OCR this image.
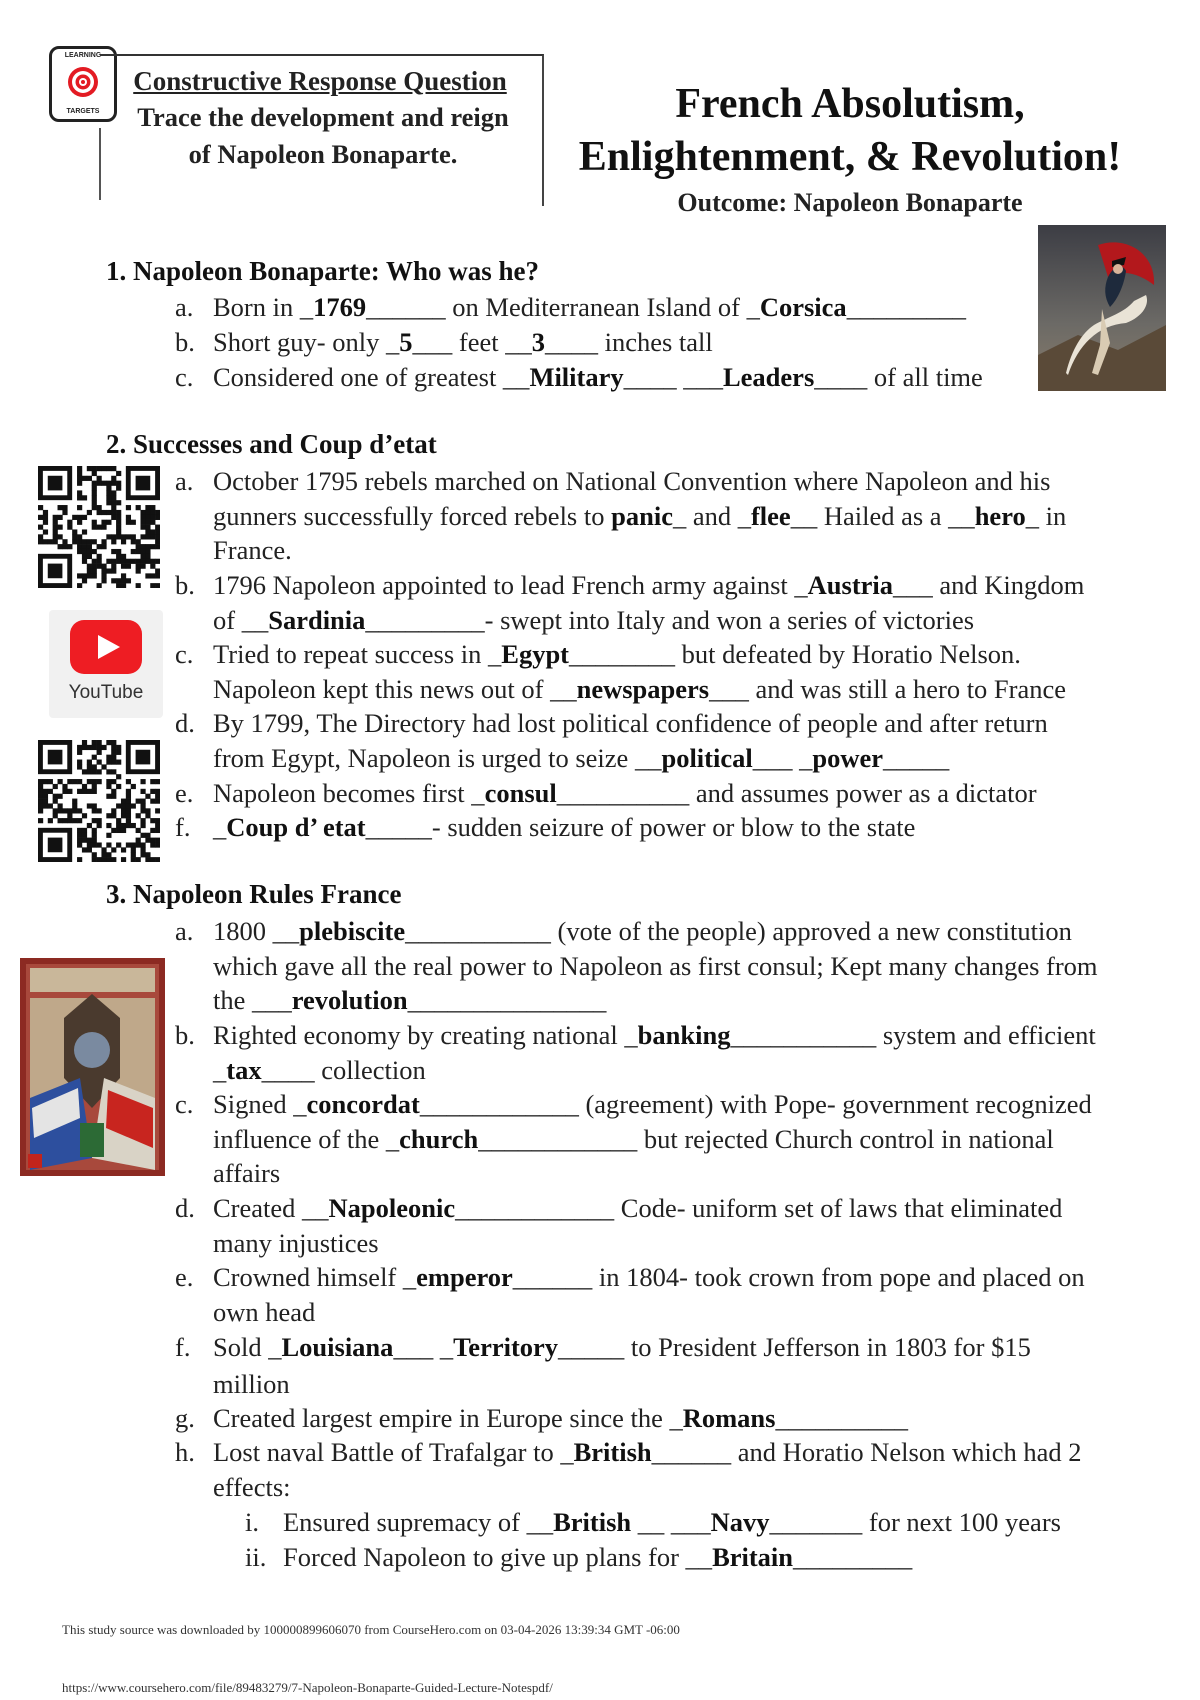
LEARNING
TARGETS
Constructive Response Question
Trace the development and reign
of Napoleon Bonaparte.
French Absolutism,
Enlightenment, & Revolution!
Outcome: Napoleon Bonaparte
YouTube
1. Napoleon Bonaparte: Who was he?
a. Born in _1769______ on Mediterranean Island of _Corsica_________
b. Short guy- only _5___ feet __3____ inches tall
c. Considered one of greatest __Military____ ___Leaders____ of all time
2. Successes and Coup d’etat
a. October 1795 rebels marched on National Convention where Napoleon and his
gunners successfully forced rebels to panic_ and _flee__ Hailed as a __hero_ in
France.
b. 1796 Napoleon appointed to lead French army against _Austria___ and Kingdom
of __Sardinia_________- swept into Italy and won a series of victories
c. Tried to repeat success in _Egypt________ but defeated by Horatio Nelson.
Napoleon kept this news out of __newspapers___ and was still a hero to France
d. By 1799, The Directory had lost political confidence of people and after return
from Egypt, Napoleon is urged to seize __political___ _power_____
e. Napoleon becomes first _consul__________ and assumes power as a dictator
f. _Coup d’ etat_____- sudden seizure of power or blow to the state
3. Napoleon Rules France
a. 1800 __plebiscite___________ (vote of the people) approved a new constitution
which gave all the real power to Napoleon as first consul; Kept many changes from
the ___revolution_______________
b. Righted economy by creating national _banking___________ system and efficient
_tax____ collection
c. Signed _concordat____________ (agreement) with Pope- government recognized
influence of the _church____________ but rejected Church control in national
affairs
d. Created __Napoleonic____________ Code- uniform set of laws that eliminated
many injustices
e. Crowned himself _emperor______ in 1804- took crown from pope and placed on
own head
f. Sold _Louisiana___ _Territory_____ to President Jefferson in 1803 for $15
million
g. Created largest empire in Europe since the _Romans__________
h. Lost naval Battle of Trafalgar to _British______ and Horatio Nelson which had 2
effects:
i. Ensured supremacy of __British __ ___Navy_______ for next 100 years
ii. Forced Napoleon to give up plans for __Britain_________
This study source was downloaded by 100000899606070 from CourseHero.com on 03-04-2026 13:39:34 GMT -06:00
https://www.coursehero.com/file/89483279/7-Napoleon-Bonaparte-Guided-Lecture-Notespdf/
